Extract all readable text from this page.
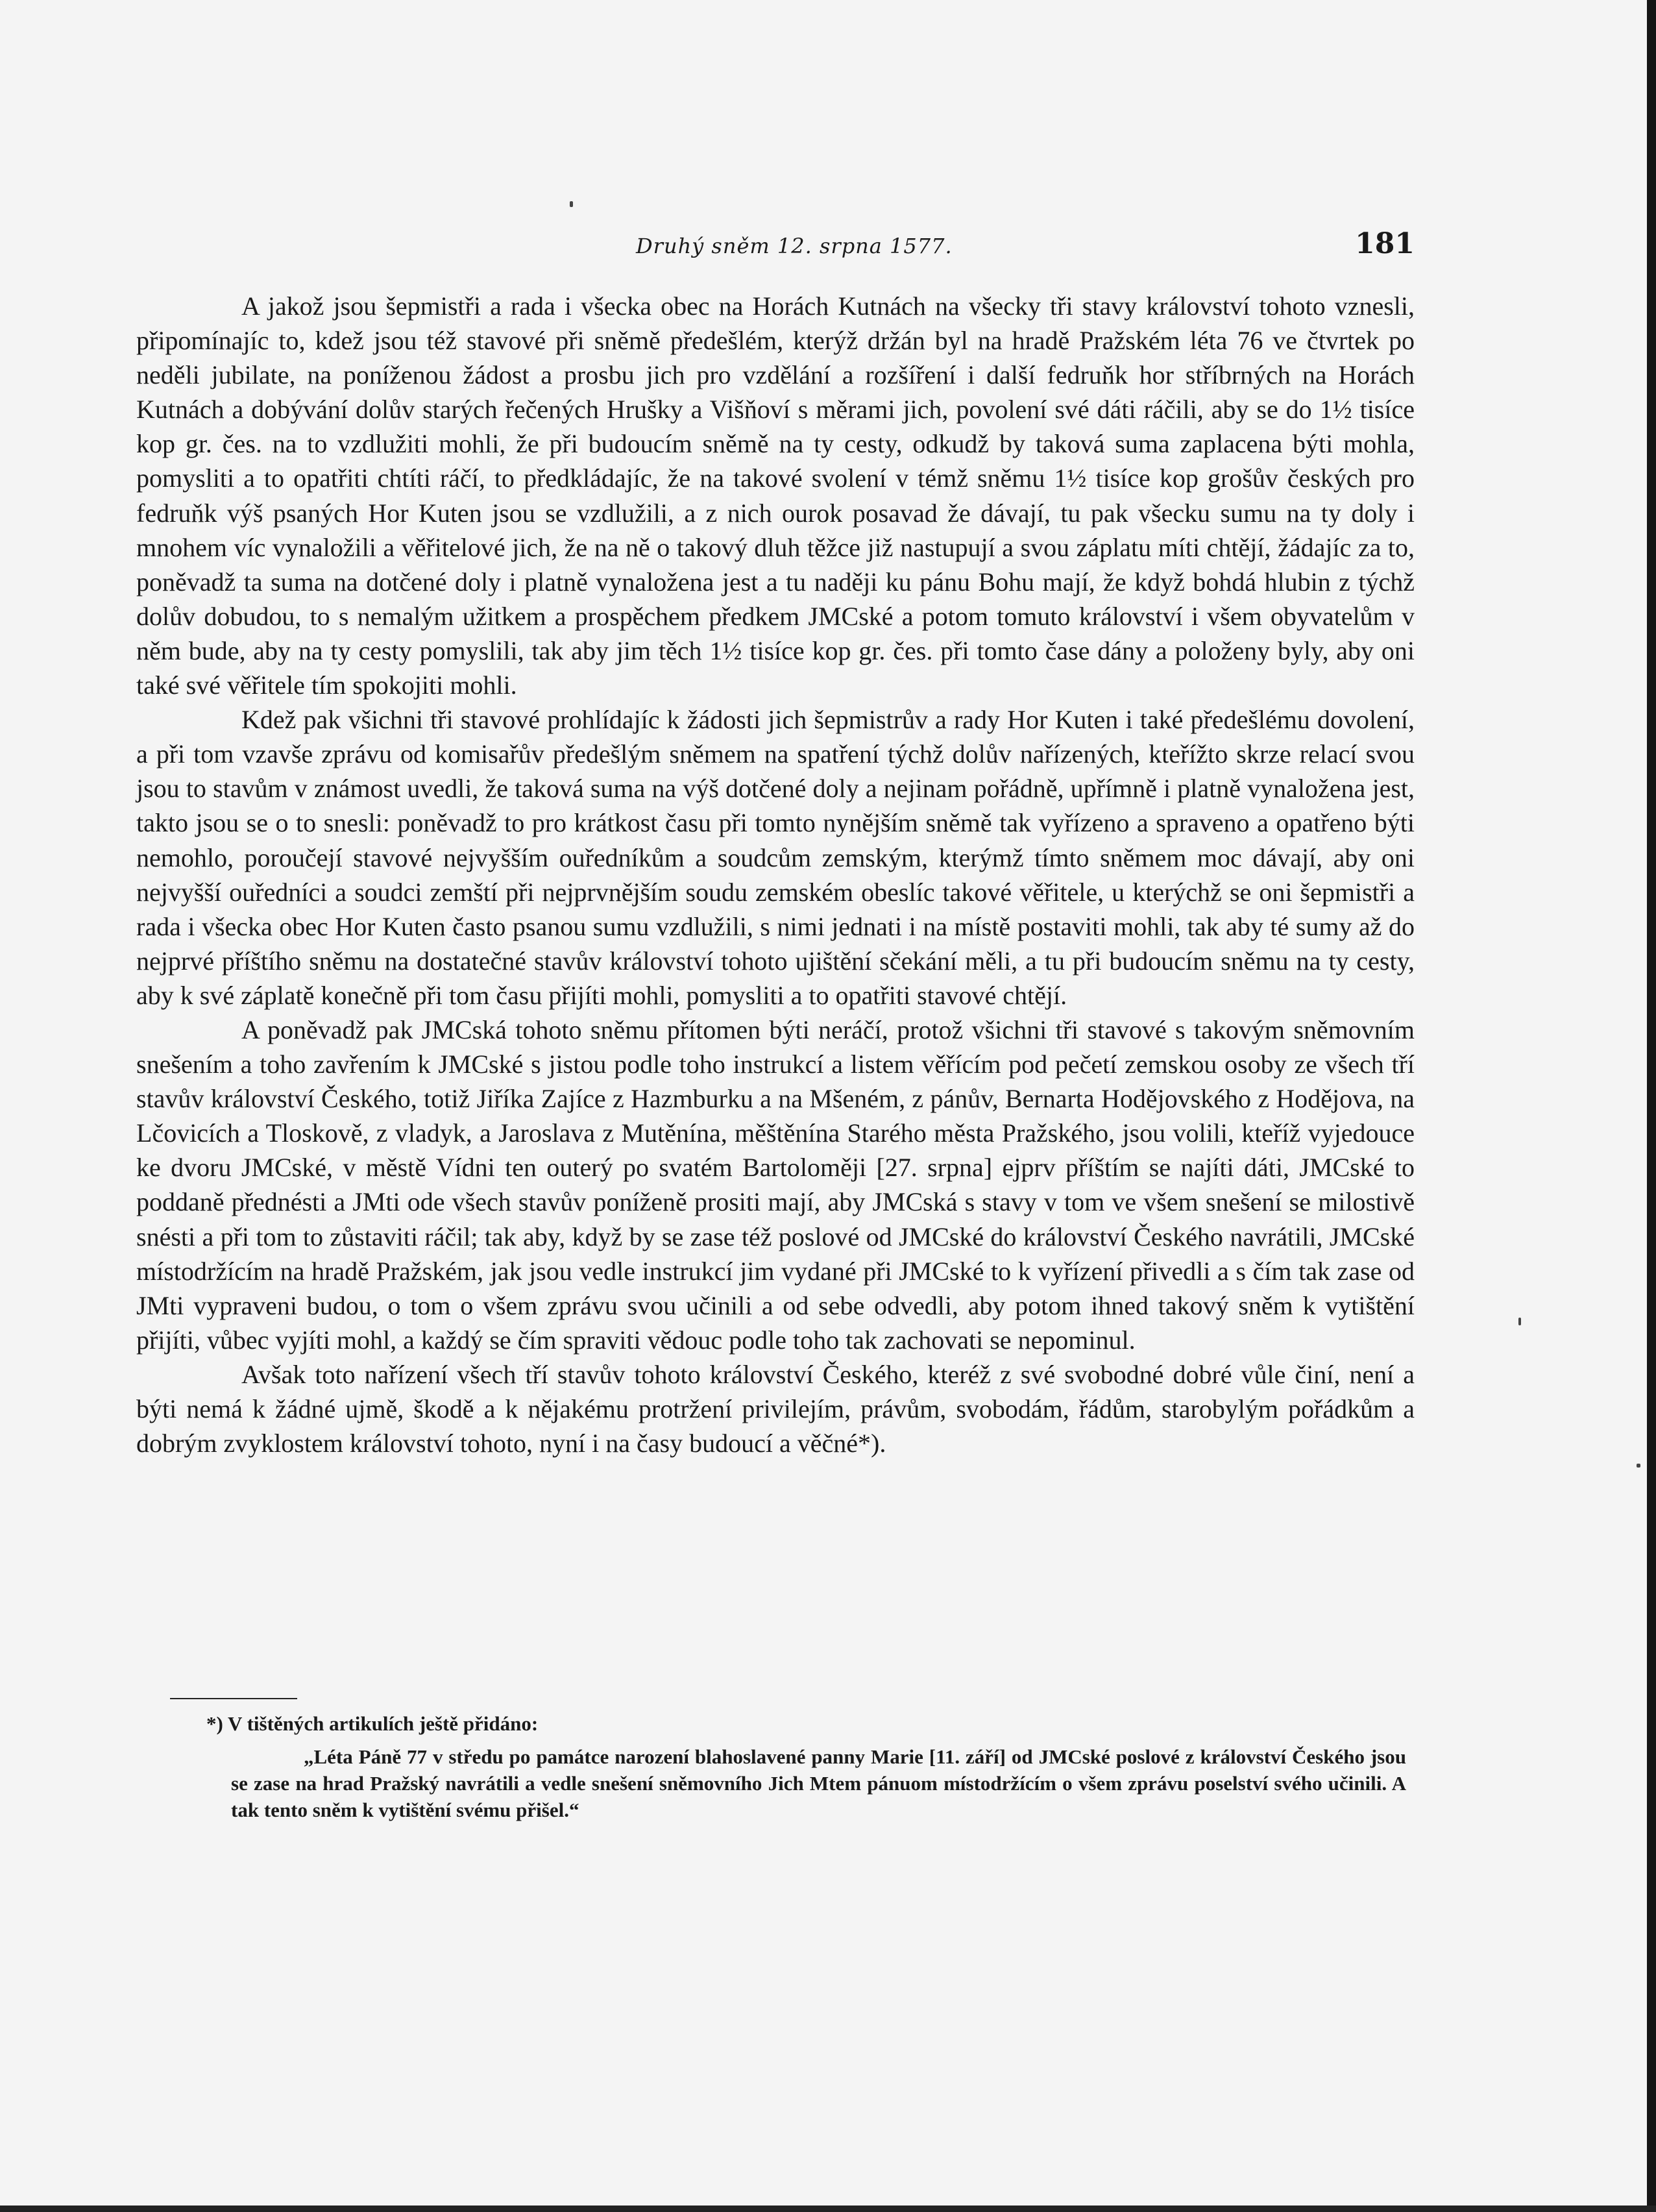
Druhý sněm 12. srpna 1577.	181

A jakož jsou šepmistři a rada i všecka obec na Horách Kutnách na všecky tři stavy království tohoto vznesli, připomínajíc to, kdež jsou též stavové při sněmě předešlém, kterýž držán byl na hradě Pražském léta 76 ve čtvrtek po neděli jubilate, na poníženou žádost a prosbu jich pro vzdělání a rozšíření i další fedruňk hor stříbrných na Horách Kutnách a dobývání dolův starých řečených Hrušky a Višňoví s měrami jich, povolení své dáti ráčili, aby se do 1½ tisíce kop gr. čes. na to vzdlužiti mohli, že při budoucím sněmě na ty cesty, odkudž by taková suma zaplacena býti mohla, pomysliti a to opatřiti chtíti ráčí, to předkládajíc, že na takové svolení v témž sněmu 1½ tisíce kop grošův českých pro fedruňk výš psaných Hor Kuten jsou se vzdlužili, a z nich ourok posavad že dávají, tu pak všecku sumu na ty doly i mnohem víc vynaložili a věřitelové jich, že na ně o takový dluh těžce již nastupují a svou záplatu míti chtějí, žádajíc za to, poněvadž ta suma na dotčené doly i platně vynaložena jest a tu naději ku pánu Bohu mají, že když bohdá hlubin z týchž dolův dobudou, to s nemalým užitkem a prospěchem předkem JMCské a potom tomuto království i všem obyvatelům v něm bude, aby na ty cesty pomyslili, tak aby jim těch 1½ tisíce kop gr. čes. při tomto čase dány a položeny byly, aby oni také své věřitele tím spokojiti mohli.

Kdež pak všichni tři stavové prohlídajíc k žádosti jich šepmistrův a rady Hor Kuten i také předešlému dovolení, a při tom vzavše zprávu od komisařův předešlým sněmem na spatření týchž dolův nařízených, kteřížto skrze relací svou jsou to stavům v známost uvedli, že taková suma na výš dotčené doly a nejinam pořádně, upřímně i platně vynaložena jest, takto jsou se o to snesli: poněvadž to pro krátkost času při tomto nynějším sněmě tak vyřízeno a spraveno a opatřeno býti nemohlo, poroučejí stavové nejvyšším ouředníkům a soudcům zemským, kterýmž tímto sněmem moc dávají, aby oni nejvyšší ouředníci a soudci zemští při nejprvnějším soudu zemském obeslíc takové věřitele, u kterýchž se oni šepmistři a rada i všecka obec Hor Kuten často psanou sumu vzdlužili, s nimi jednati i na místě postaviti mohli, tak aby té sumy až do nejprvé příštího sněmu na dostatečné stavův království tohoto ujištění sčekání měli, a tu při budoucím sněmu na ty cesty, aby k své záplatě konečně při tom času přijíti mohli, pomysliti a to opatřiti stavové chtějí.

A poněvadž pak JMCská tohoto sněmu přítomen býti neráčí, protož všichni tři stavové s takovým sněmovním snešením a toho zavřením k JMCské s jistou podle toho instrukcí a listem věřícím pod pečetí zemskou osoby ze všech tří stavův království Českého, totiž Jiříka Zajíce z Hazmburku a na Mšeném, z pánův, Bernarta Hodějovského z Hodějova, na Lčovicích a Tloskově, z vladyk, a Jaroslava z Mutěnína, měštěnína Starého města Pražského, jsou volili, kteříž vyjedouce ke dvoru JMCské, v městě Vídni ten outerý po svatém Bartoloměji [27. srpna] ejprv příštím se najíti dáti, JMCské to poddaně přednésti a JMti ode všech stavův poníženě prositi mají, aby JMCská s stavy v tom ve všem snešení se milostivě snésti a při tom to zůstaviti ráčil; tak aby, když by se zase též poslové od JMCské do království Českého navrátili, JMCské místodržícím na hradě Pražském, jak jsou vedle instrukcí jim vydané při JMCské to k vyřízení přivedli a s čím tak zase od JMti vypraveni budou, o tom o všem zprávu svou učinili a od sebe odvedli, aby potom ihned takový sněm k vytištění přijíti, vůbec vyjíti mohl, a každý se čím spraviti vědouc podle toho tak zachovati se nepominul.

Avšak toto nařízení všech tří stavův tohoto království Českého, kteréž z své svobodné dobré vůle činí, není a býti nemá k žádné ujmě, škodě a k nějakému protržení privilejím, právům, svobodám, řádům, starobylým pořádkům a dobrým zvyklostem království tohoto, nyní i na časy budoucí a věčné*).

*) V tištěných artikulích ještě přidáno:

„Léta Páně 77 v středu po památce narození blahoslavené panny Marie [11. září] od JMCské poslové z království Českého jsou se zase na hrad Pražský navrátili a vedle snešení sněmovního Jich Mtem pánuom místodržícím o všem zprávu poselství svého učinili. A tak tento sněm k vytištění svému přišel.“
